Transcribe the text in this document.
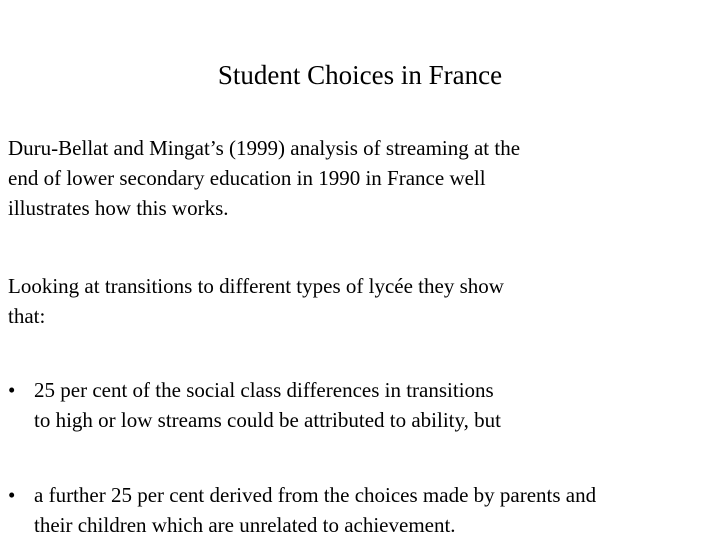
Student Choices in France
Duru-Bellat and Mingat’s (1999) analysis of streaming at the
end of lower secondary education in 1990 in France well
illustrates how this works.
Looking at transitions to different types of lycée they show
that:
• 25 per cent of the social class differences in transitions
to high or low streams could be attributed to ability, but
• a further 25 per cent derived from the choices made by parents and
their children which are unrelated to achievement.
